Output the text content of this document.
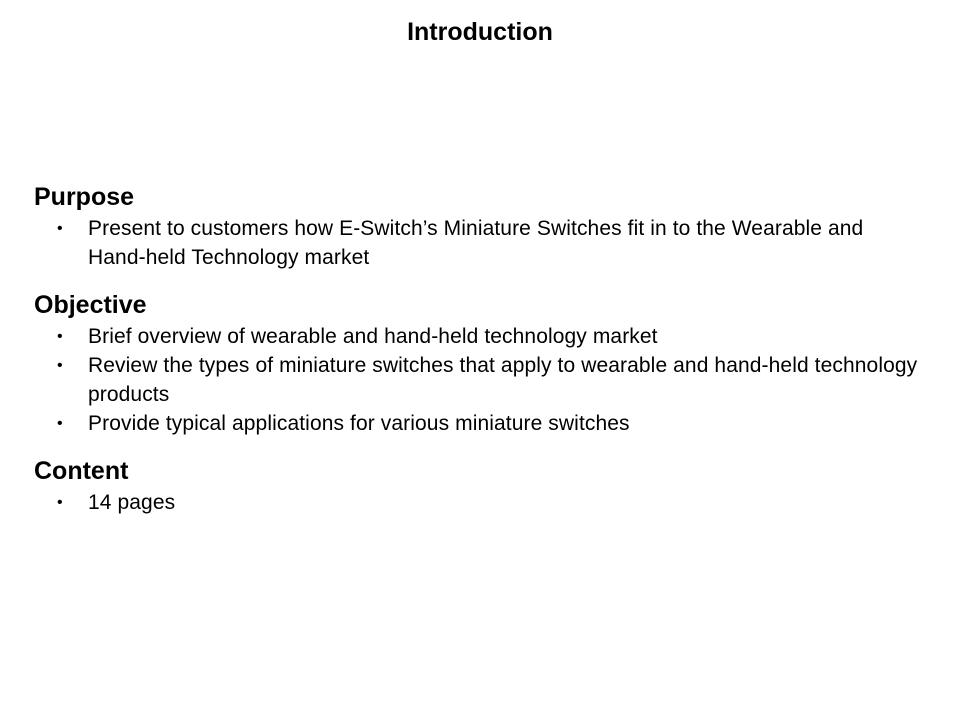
Introduction
Purpose
• Present to customers how E-Switch’s Miniature Switches fit in to the Wearable and Hand-held Technology market
Objective
• Brief overview of wearable and hand-held technology market
• Review the types of miniature switches that apply to wearable and hand-held technology products
• Provide typical applications for various miniature switches
Content
• 14 pages
